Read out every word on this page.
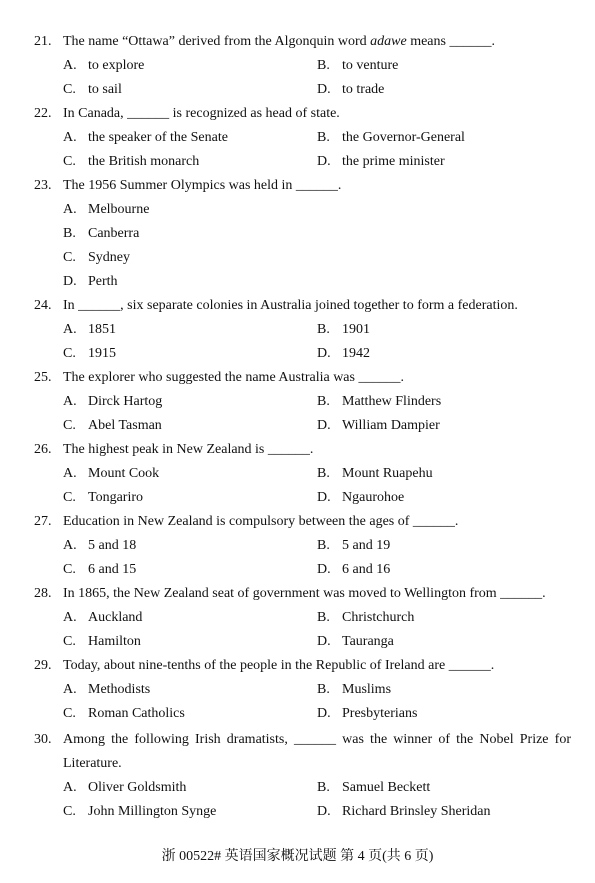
21. The name “Ottawa” derived from the Algonquin word adawe means ______.
A. to explore	B. to venture
C. to sail	D. to trade
22. In Canada, ______ is recognized as head of state.
A. the speaker of the Senate	B. the Governor-General
C. the British monarch	D. the prime minister
23. The 1956 Summer Olympics was held in ______.
A. Melbourne
B. Canberra
C. Sydney
D. Perth
24. In ______, six separate colonies in Australia joined together to form a federation.
A. 1851	B. 1901
C. 1915	D. 1942
25. The explorer who suggested the name Australia was ______.
A. Dirck Hartog	B. Matthew Flinders
C. Abel Tasman	D. William Dampier
26. The highest peak in New Zealand is ______.
A. Mount Cook	B. Mount Ruapehu
C. Tongariro	D. Ngaurohoe
27. Education in New Zealand is compulsory between the ages of ______.
A. 5 and 18	B. 5 and 19
C. 6 and 15	D. 6 and 16
28. In 1865, the New Zealand seat of government was moved to Wellington from ______.
A. Auckland	B. Christchurch
C. Hamilton	D. Tauranga
29. Today, about nine-tenths of the people in the Republic of Ireland are ______.
A. Methodists	B. Muslims
C. Roman Catholics	D. Presbyterians
30. Among the following Irish dramatists, ______ was the winner of the Nobel Prize for Literature.
A. Oliver Goldsmith	B. Samuel Beckett
C. John Millington Synge	D. Richard Brinsley Sheridan
浙 00522# 英语国家概况试题 第 4 页(共 6 页)
